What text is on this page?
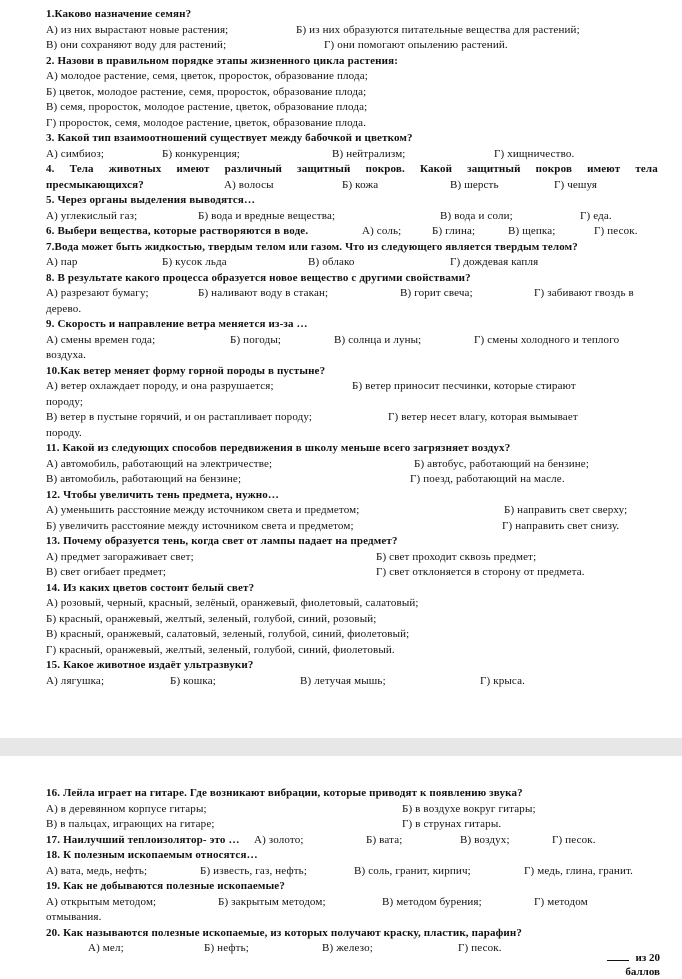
1.Каково назначение семян?
А) из них вырастают новые растения;	Б) из них образуются питательные вещества для растений;
В) они сохраняют воду для растений;	Г) они помогают опылению растений.
2. Назови в правильном порядке этапы жизненного цикла растения:
А) молодое растение, семя, цветок, проросток, образование плода;
Б) цветок, молодое растение, семя, проросток, образование плода;
В) семя, проросток, молодое растение, цветок, образование плода;
Г) проросток, семя, молодое растение, цветок, образование плода.
3. Какой тип взаимоотношений существует между бабочкой и цветком?
А) симбиоз;	Б) конкуренция;	В) нейтрализм;	Г) хищничество.
4. Тела животных имеют различный защитный покров. Какой защитный покров имеют тела
пресмыкающихся?	А) волосы	Б) кожа	В) шерсть	Г) чешуя
5. Через органы выделения выводятся…
А) углекислый газ;	Б) вода и вредные вещества;	В) вода и соли;	Г) еда.
6. Выбери вещества, которые растворяются в воде.	А) соль;	Б) глина;	В) щепка;	Г) песок.
7.Вода может быть жидкостью, твердым телом или газом. Что из следующего является твердым телом?
А) пар	Б) кусок льда	В) облако	Г) дождевая капля
8. В результате какого процесса образуется новое вещество с другими свойствами?
А) разрезают бумагу;	Б) наливают воду в стакан;	В) горит свеча;	Г) забивают гвоздь в
дерево.
9. Скорость и направление ветра меняется из-за …
А) смены времен года;	Б) погоды;	В) солнца и луны;	Г) смены холодного и теплого
воздуха.
10.Как ветер меняет форму горной породы в пустыне?
А) ветер охлаждает породу, и она разрушается;	Б) ветер приносит песчинки, которые стирают
породу;
В) ветер в пустыне горячий, и он растапливает породу;	Г) ветер несет влагу, которая вымывает
породу.
11. Какой из следующих способов передвижения в школу меньше всего загрязняет воздух?
А) автомобиль, работающий на электричестве;	Б) автобус, работающий на бензине;
В) автомобиль, работающий на бензине;	Г) поезд, работающий на масле.
12. Чтобы увеличить тень предмета, нужно…
А) уменьшить расстояние между источником света и предметом;	Б) направить свет сверху;
Б) увеличить расстояние между источником света и предметом;	Г) направить свет снизу.
13. Почему образуется тень, когда свет от лампы падает на предмет?
А) предмет загораживает свет;	Б) свет проходит сквозь предмет;
В) свет огибает предмет;	Г) свет отклоняется в сторону от предмета.
14. Из каких цветов состоит белый свет?
А) розовый, черный, красный, зелёный, оранжевый, фиолетовый, салатовый;
Б) красный, оранжевый, желтый, зеленый, голубой, синий, розовый;
В) красный, оранжевый, салатовый, зеленый, голубой, синий, фиолетовый;
Г) красный, оранжевый, желтый, зеленый, голубой, синий, фиолетовый.
15. Какое животное издаёт ультразвуки?
А) лягушка;	Б) кошка;	В) летучая мышь;	Г) крыса.
16. Лейла играет на гитаре. Где возникают вибрации, которые приводят к появлению звука?
А) в деревянном корпусе гитары;	Б) в воздухе вокруг гитары;
В) в пальцах, играющих на гитаре;	Г) в струнах гитары.
17. Наилучший теплоизолятор- это … А) золото;	Б) вата;	В) воздух;	Г) песок.
18. К полезным ископаемым относятся…
А) вата, медь, нефть;	Б) известь, газ, нефть;	В) соль, гранит, кирпич;	Г) медь, глина, гранит.
19. Как не добываются полезные ископаемые?
А) открытым методом;	Б) закрытым методом;	В) методом бурения;	Г) методом
отмывания.
20. Как называются полезные ископаемые, из которых получают краску, пластик, парафин?
А) мел;	Б) нефть;	В) железо;	Г) песок.
из 20
баллов
